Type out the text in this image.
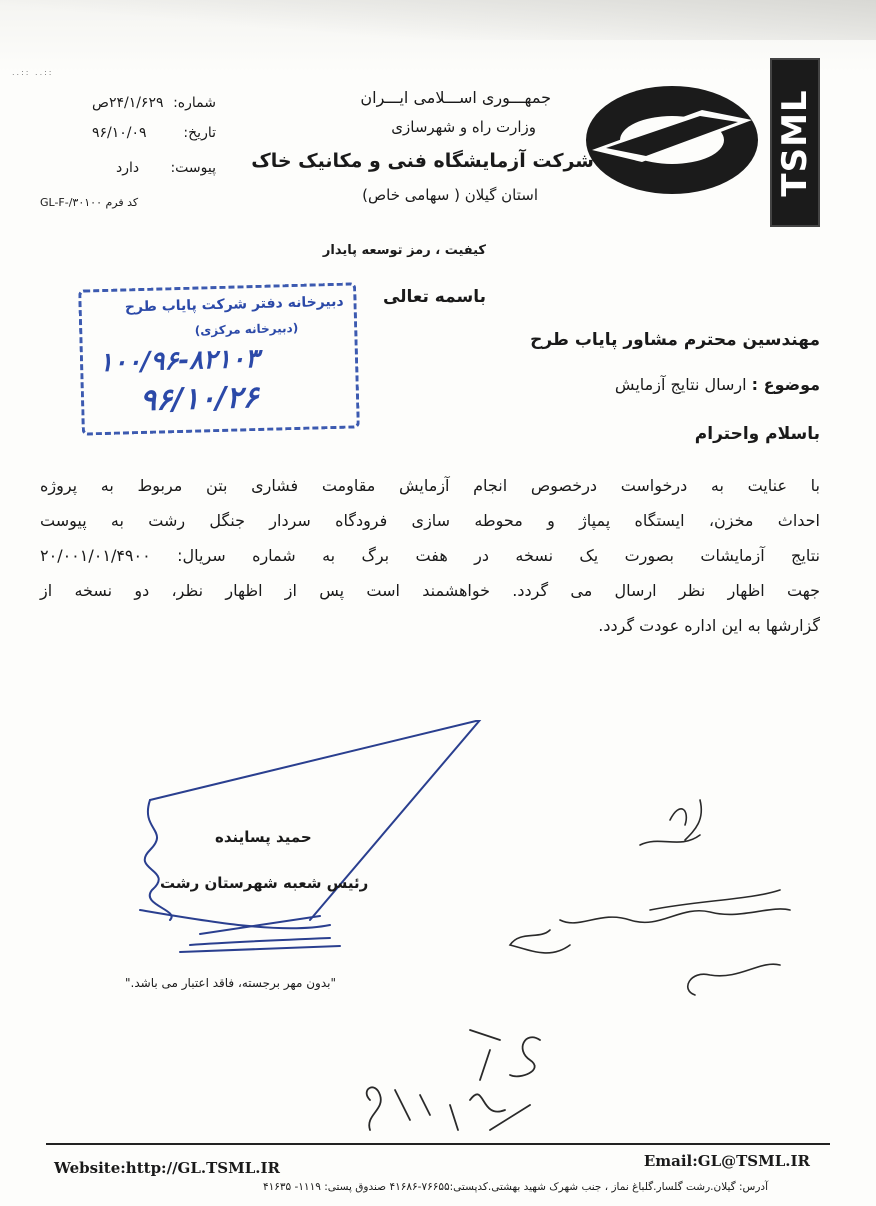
..:: ..::
TSML
جمهـــوری اســـلامی ایـــران
وزارت راه و شهرسازی
شرکت آزمایشگاه فنی و مکانیک خاک
استان گیلان ( سهامی خاص)
شماره:
۲۴/۱/۶۲۹ص
تاریخ:
۹۶/۱۰/۰۹
پیوست:
دارد
کد فرم GL-F-/۳۰۱۰۰
کیفیت ، رمز توسعه پایدار
باسمه تعالی
دبیرخانه دفتر شرکت پایاب طرح
(دبیرخانه مرکزی)
۱۰۰/۹۶-۸۲۱۰۳
۹۶/۱۰/۲۶
مهندسین محترم مشاور پایاب طرح
موضوع : ارسال نتایج آزمایش
باسلام واحترام
با عنایت به درخواست درخصوص انجام آزمایش مقاومت فشاری بتن مربوط به پروژه
احداث مخزن، ایستگاه پمپاژ و محوطه سازی فرودگاه سردار جنگل رشت به پیوست
نتایج آزمایشات بصورت یک نسخه در هفت برگ به شماره سریال: ۲۰/۰۰۱/۰۱/۴۹۰۰
جهت اظهار نظر ارسال می گردد. خواهشمند است پس از اظهار نظر، دو نسخه از
گزارشها به این اداره عودت گردد.
حمید پساینده
رئیس شعبه شهرستان رشت
"بدون مهر برجسته، فاقد اعتبار می باشد."
Website:http://GL.TSML.IR	Email:GL@TSML.IR
آدرس: گیلان.رشت گلسار.گلباغ نماز ، جنب شهرک شهید بهشتی.کدپستی:۷۶۶۵۵-۴۱۶۸۶ صندوق پستی: ۱۱۱۹- ۴۱۶۳۵
